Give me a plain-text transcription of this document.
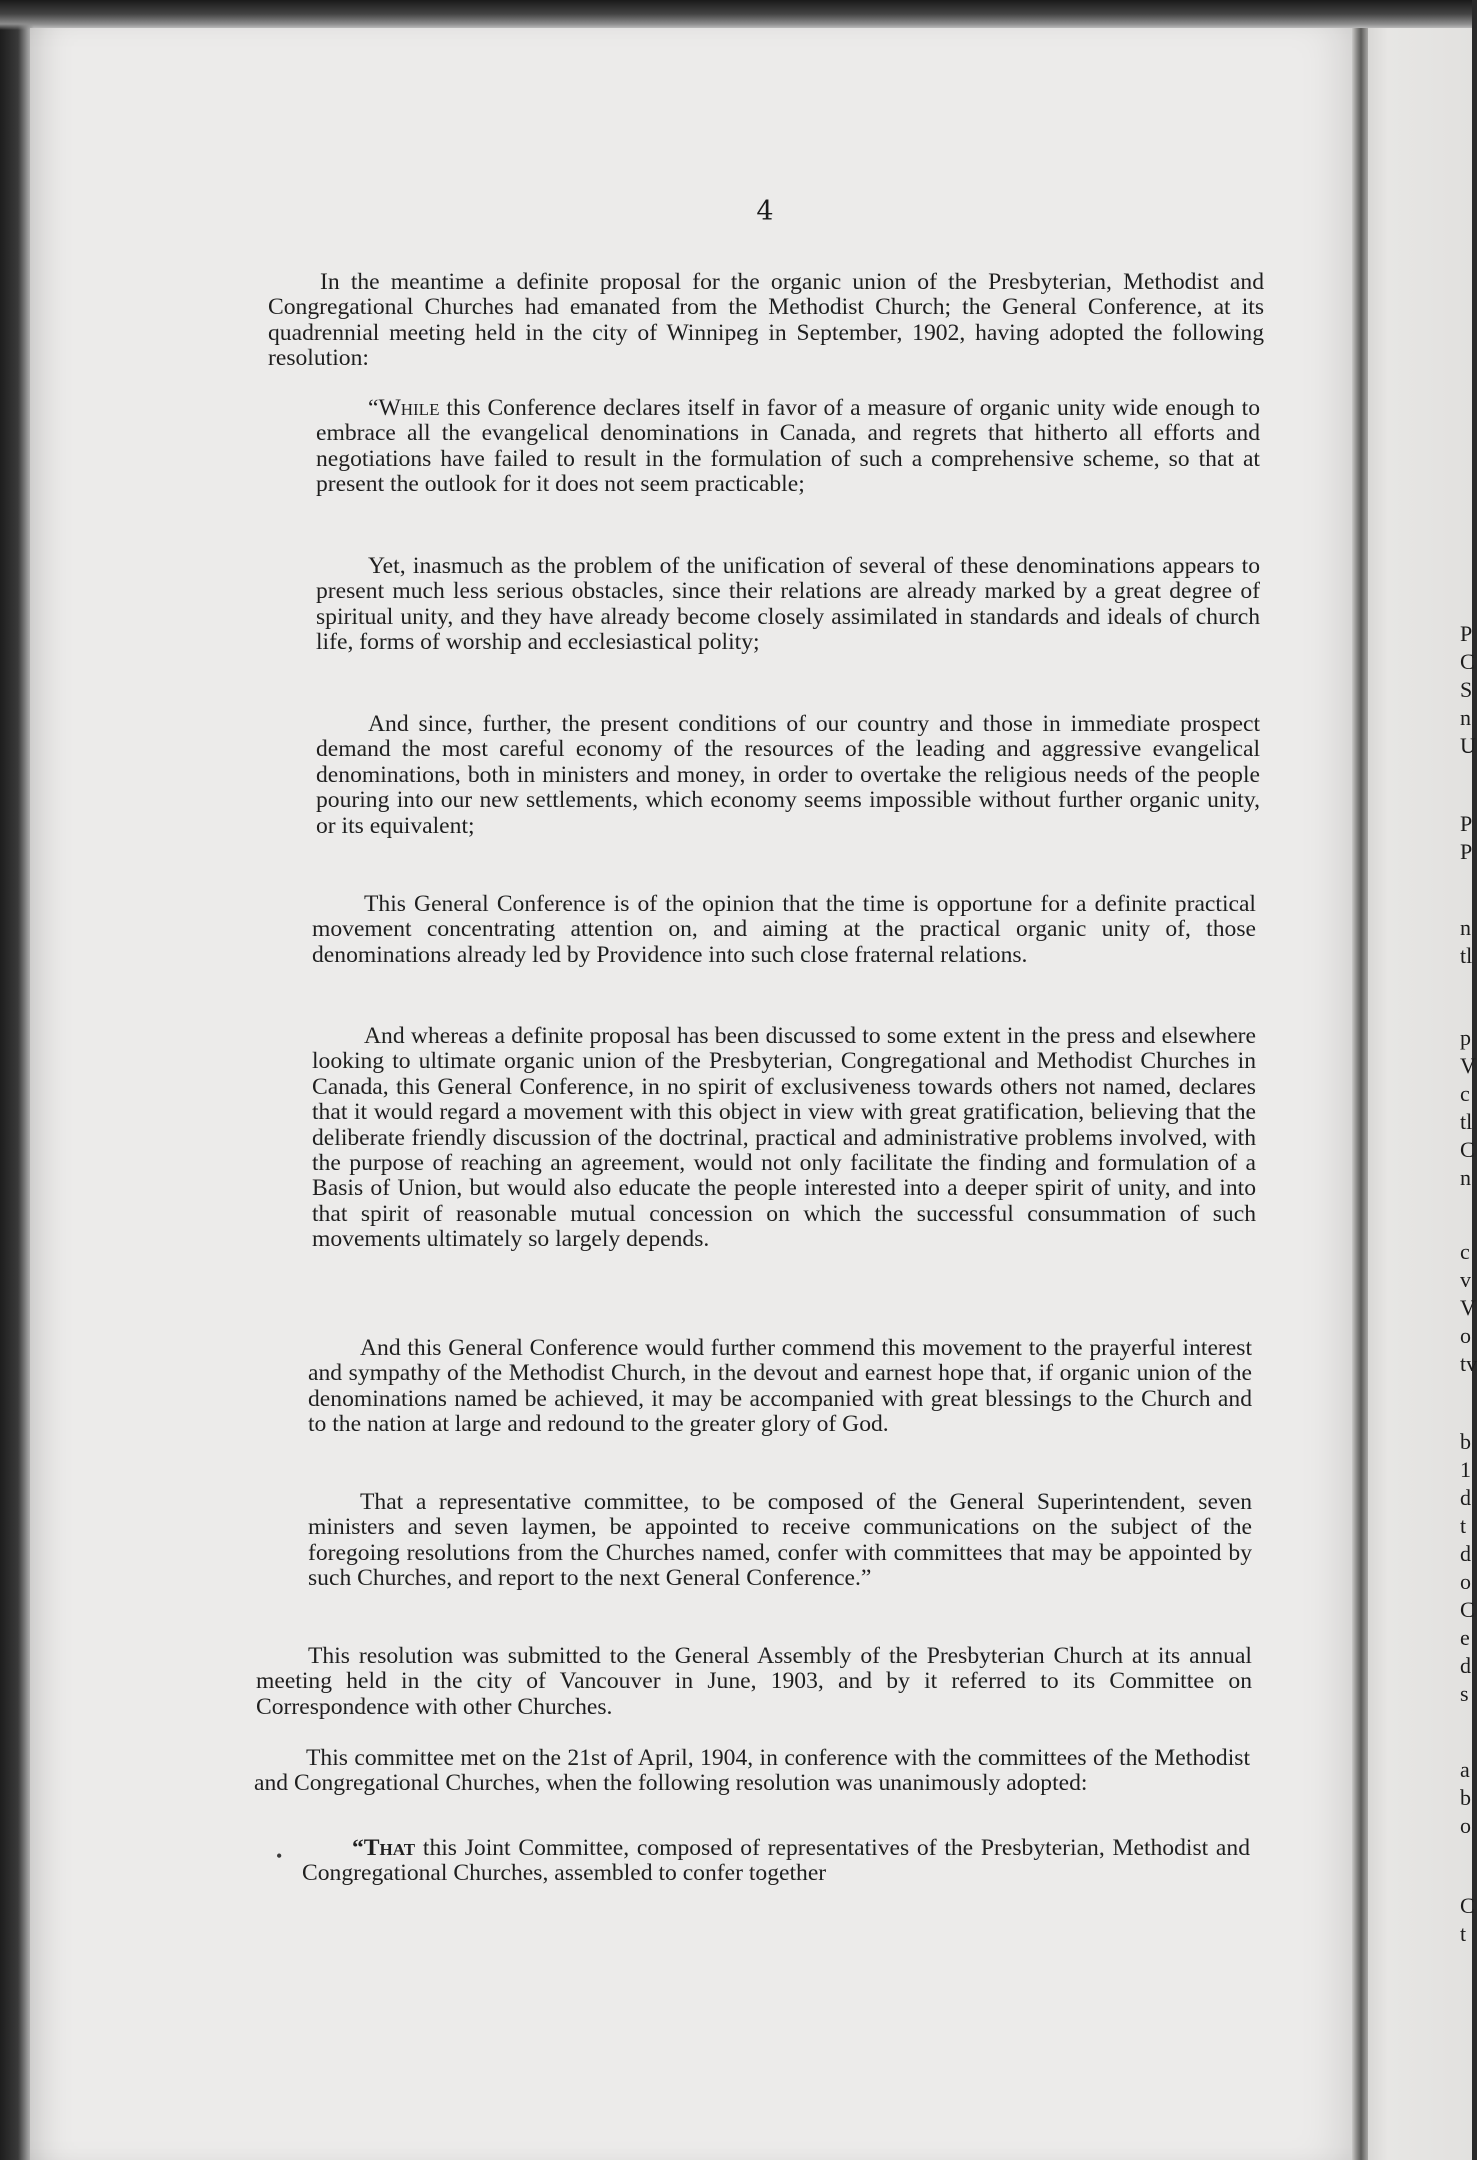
P
C
S
n
U
P
P
n
tl
p
V
c
tl
C
n
c
v
V
o
tv
b
1
d
t
d
o
C
e
d
s
a
b
o
C
t
4

In the meantime a definite proposal for the organic union of the Presbyterian, Methodist and Congregational Churches had emanated from the Methodist Church; the General Conference, at its quadrennial meeting held in the city of Winnipeg in September, 1902, having adopted the following resolution:

“While this Conference declares itself in favor of a measure of organic unity wide enough to embrace all the evangelical denominations in Canada, and regrets that hitherto all efforts and negotiations have failed to result in the formulation of such a comprehensive scheme, so that at present the outlook for it does not seem practicable;

Yet, inasmuch as the problem of the unification of several of these denominations appears to present much less serious obstacles, since their relations are already marked by a great degree of spiritual unity, and they have already become closely assimilated in standards and ideals of church life, forms of worship and ecclesiastical polity;

And since, further, the present conditions of our country and those in immediate prospect demand the most careful economy of the resources of the leading and aggressive evangelical denominations, both in ministers and money, in order to overtake the religious needs of the people pouring into our new settlements, which economy seems impossible without further organic unity, or its equivalent;

This General Conference is of the opinion that the time is opportune for a definite practical movement concentrating attention on, and aiming at the practical organic unity of, those denominations already led by Providence into such close fraternal relations.

And whereas a definite proposal has been discussed to some extent in the press and elsewhere looking to ultimate organic union of the Presbyterian, Congregational and Methodist Churches in Canada, this General Conference, in no spirit of exclusiveness towards others not named, declares that it would regard a movement with this object in view with great gratification, believing that the deliberate friendly discussion of the doctrinal, practical and administrative problems involved, with the purpose of reaching an agreement, would not only facilitate the finding and formulation of a Basis of Union, but would also educate the people interested into a deeper spirit of unity, and into that spirit of reasonable mutual concession on which the successful consummation of such movements ultimately so largely depends.

And this General Conference would further commend this movement to the prayerful interest and sympathy of the Methodist Church, in the devout and earnest hope that, if organic union of the denominations named be achieved, it may be accompanied with great blessings to the Church and to the nation at large and redound to the greater glory of God.

That a representative committee, to be composed of the General Superintendent, seven ministers and seven laymen, be appointed to receive communications on the subject of the foregoing resolutions from the Churches named, confer with committees that may be appointed by such Churches, and report to the next General Conference.”

This resolution was submitted to the General Assembly of the Presbyterian Church at its annual meeting held in the city of Vancouver in June, 1903, and by it referred to its Committee on Correspondence with other Churches.

This committee met on the 21st of April, 1904, in conference with the committees of the Methodist and Congregational Churches, when the following resolution was unanimously adopted:

•	“That this Joint Committee, composed of representatives of the Presbyterian, Methodist and Congregational Churches, assembled to confer together
